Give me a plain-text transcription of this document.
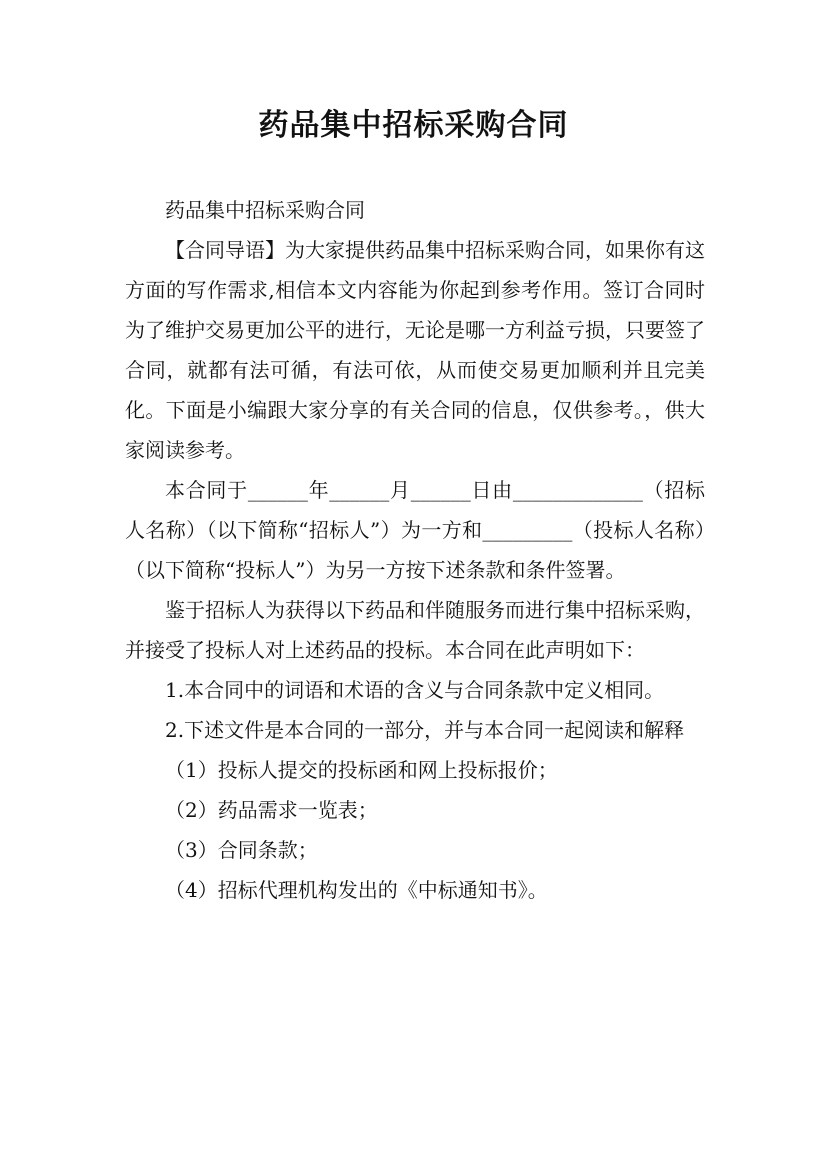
药品集中招标采购合同

药品集中招标采购合同

【合同导语】为大家提供药品集中招标采购合同，如果你有这方面的写作需求,相信本文内容能为你起到参考作用。签订合同时为了维护交易更加公平的进行，无论是哪一方利益亏损，只要签了合同，就都有法可循，有法可依，从而使交易更加顺利并且完美化。下面是小编跟大家分享的有关合同的信息，仅供参考。，供大家阅读参考。

本合同于______年______月______日由_____________（招标人名称）（以下简称“招标人”）为一方和_________（投标人名称）（以下简称“投标人”）为另一方按下述条款和条件签署。

鉴于招标人为获得以下药品和伴随服务而进行集中招标采购，并接受了投标人对上述药品的投标。本合同在此声明如下：

1.本合同中的词语和术语的含义与合同条款中定义相同。

2.下述文件是本合同的一部分，并与本合同一起阅读和解释

（1）投标人提交的投标函和网上投标报价；

（2）药品需求一览表；

（3）合同条款；

（4）招标代理机构发出的《中标通知书》。
